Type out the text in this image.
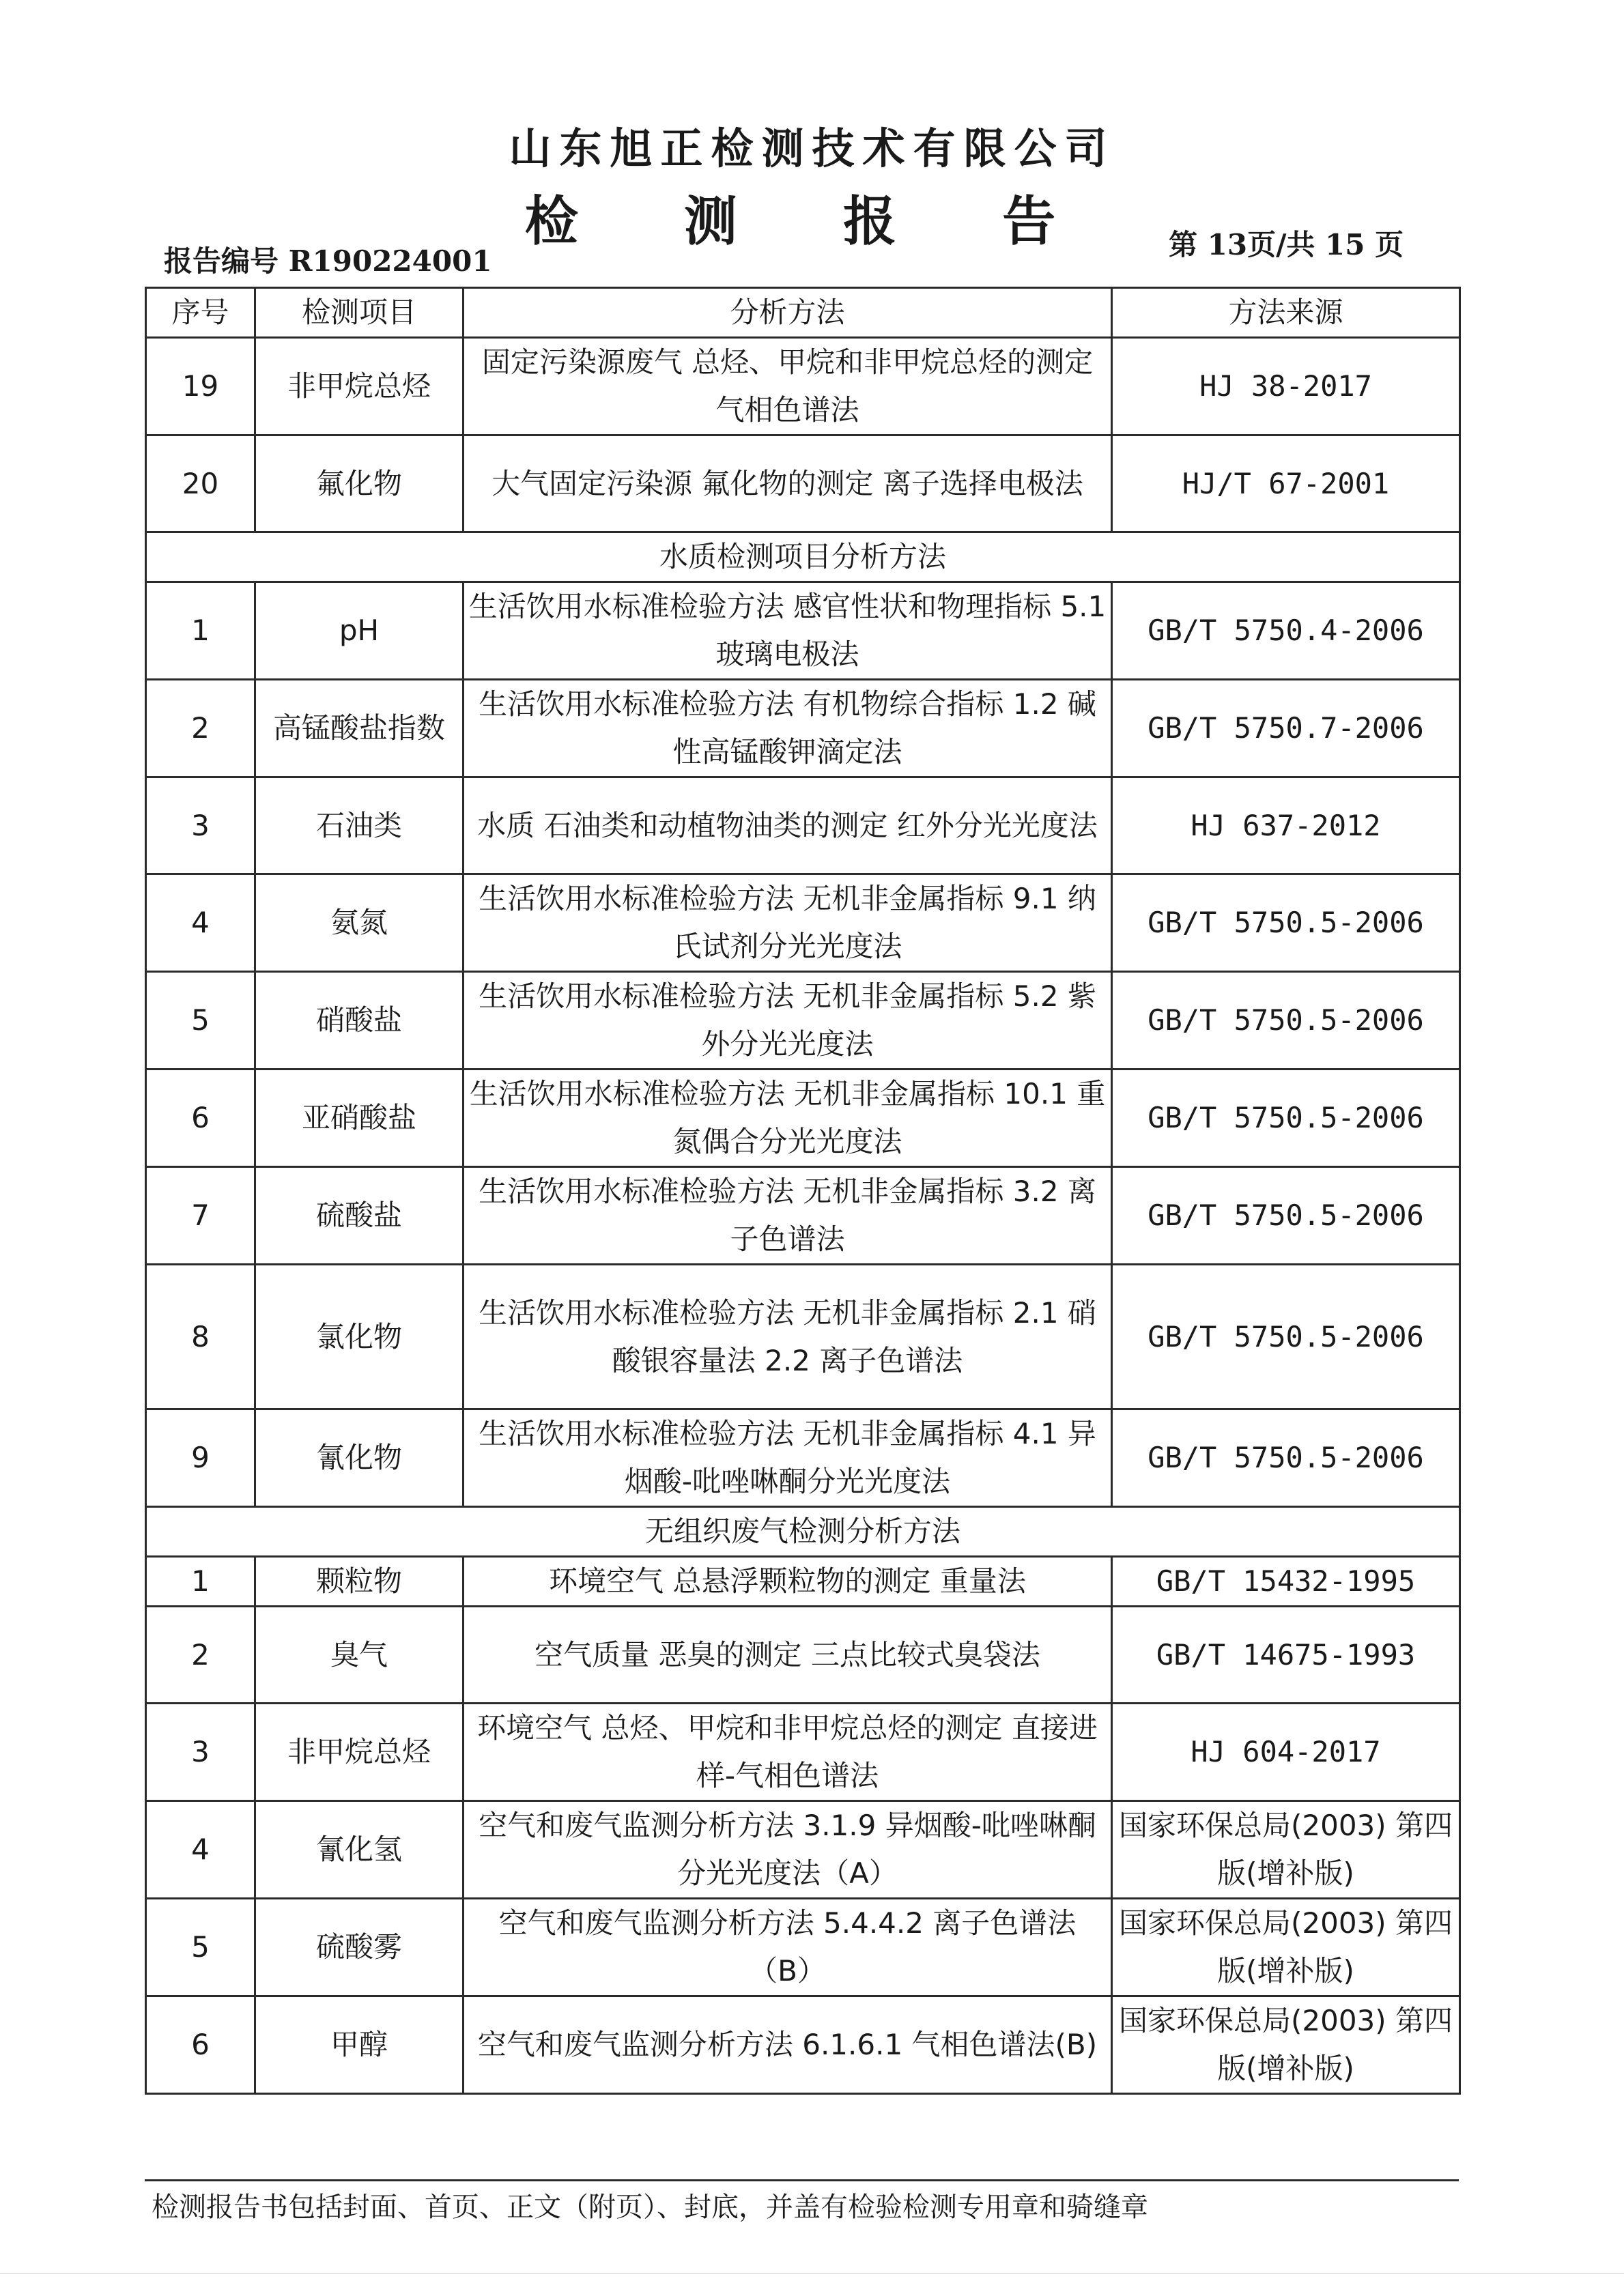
山东旭正检测技术有限公司
检 测 报 告
报告编号 R190224001	第 13页/共 15 页
序号	检测项目	分析方法	方法来源
19	非甲烷总烃	固定污染源废气 总烃、甲烷和非甲烷总烃的测定 气相色谱法	HJ 38-2017
20	氟化物	大气固定污染源 氟化物的测定 离子选择电极法	HJ/T 67-2001
水质检测项目分析方法			
1	pH	生活饮用水标准检验方法 感官性状和物理指标 5.1 玻璃电极法	GB/T 5750.4-2006
2	高锰酸盐指数	生活饮用水标准检验方法 有机物综合指标 1.2 碱性高锰酸钾滴定法	GB/T 5750.7-2006
3	石油类	水质 石油类和动植物油类的测定 红外分光光度法	HJ 637-2012
4	氨氮	生活饮用水标准检验方法 无机非金属指标 9.1 纳氏试剂分光光度法	GB/T 5750.5-2006
5	硝酸盐	生活饮用水标准检验方法 无机非金属指标 5.2 紫外分光光度法	GB/T 5750.5-2006
6	亚硝酸盐	生活饮用水标准检验方法 无机非金属指标 10.1 重氮偶合分光光度法	GB/T 5750.5-2006
7	硫酸盐	生活饮用水标准检验方法 无机非金属指标 3.2 离子色谱法	GB/T 5750.5-2006
8	氯化物	生活饮用水标准检验方法 无机非金属指标 2.1 硝酸银容量法 2.2 离子色谱法	GB/T 5750.5-2006
9	氰化物	生活饮用水标准检验方法 无机非金属指标 4.1 异烟酸-吡唑啉酮分光光度法	GB/T 5750.5-2006
无组织废气检测分析方法			
1	颗粒物	环境空气 总悬浮颗粒物的测定 重量法	GB/T 15432-1995
2	臭气	空气质量 恶臭的测定 三点比较式臭袋法	GB/T 14675-1993
3	非甲烷总烃	环境空气 总烃、甲烷和非甲烷总烃的测定 直接进样-气相色谱法	HJ 604-2017
4	氰化氢	空气和废气监测分析方法 3.1.9 异烟酸-吡唑啉酮分光光度法（A）	国家环保总局(2003) 第四版(增补版)
5	硫酸雾	空气和废气监测分析方法 5.4.4.2 离子色谱法（B）	国家环保总局(2003) 第四版(增补版)
6	甲醇	空气和废气监测分析方法 6.1.6.1 气相色谱法(B)	国家环保总局(2003) 第四版(增补版)
检测报告书包括封面、首页、正文（附页）、封底，并盖有检验检测专用章和骑缝章
